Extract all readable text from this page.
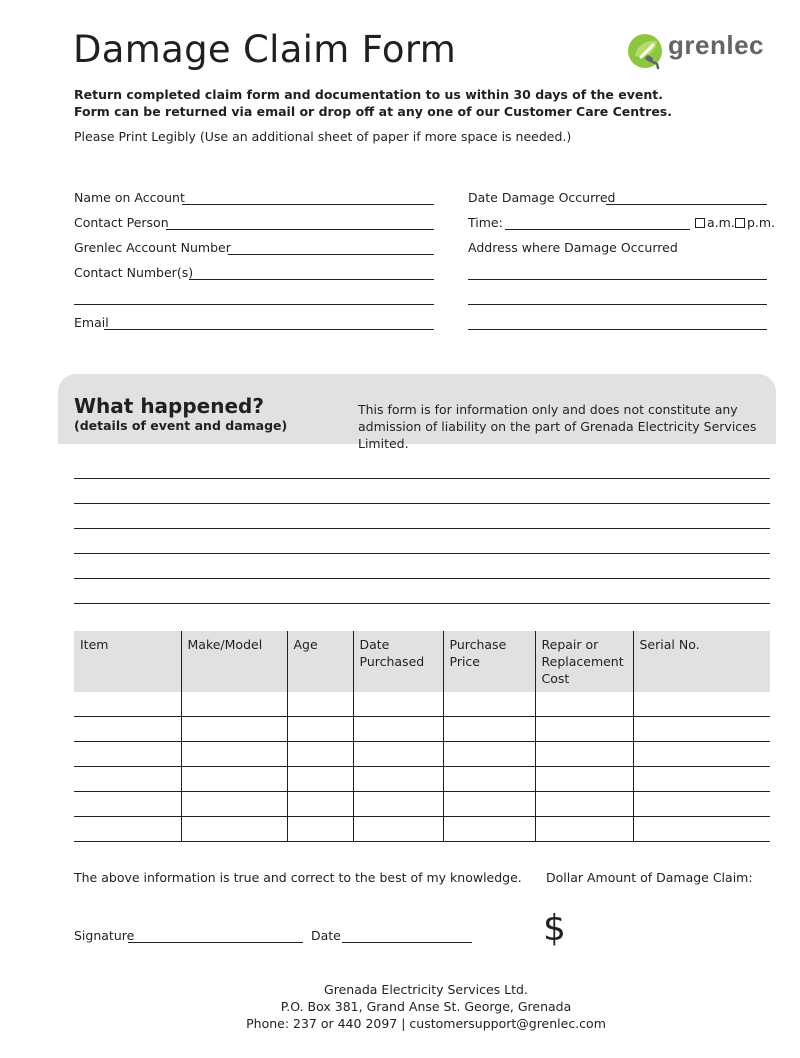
Damage Claim Form	grenlec
Return completed claim form and documentation to us within 30 days of the event.
Form can be returned via email or drop off at any one of our Customer Care Centres.
Please Print Legibly (Use an additional sheet of paper if more space is needed.)
Name on Account
Contact Person
Grenlec Account Number
Contact Number(s)
Email
Date Damage Occurred
Time:	a.m. p.m.
Address where Damage Occurred
What happened?
(details of event and damage)
This form is for information only and does not constitute any admission of liability on the part of Grenada Electricity Services Limited.
Item	Make/Model	Age	Date Purchased	Purchase Price	Repair or Replacement Cost	Serial No.

The above information is true and correct to the best of my knowledge. Dollar Amount of Damage Claim:
$
Signature	Date
Grenada Electricity Services Ltd.
P.O. Box 381, Grand Anse St. George, Grenada
Phone: 237 or 440 2097 | customersupport@grenlec.com
